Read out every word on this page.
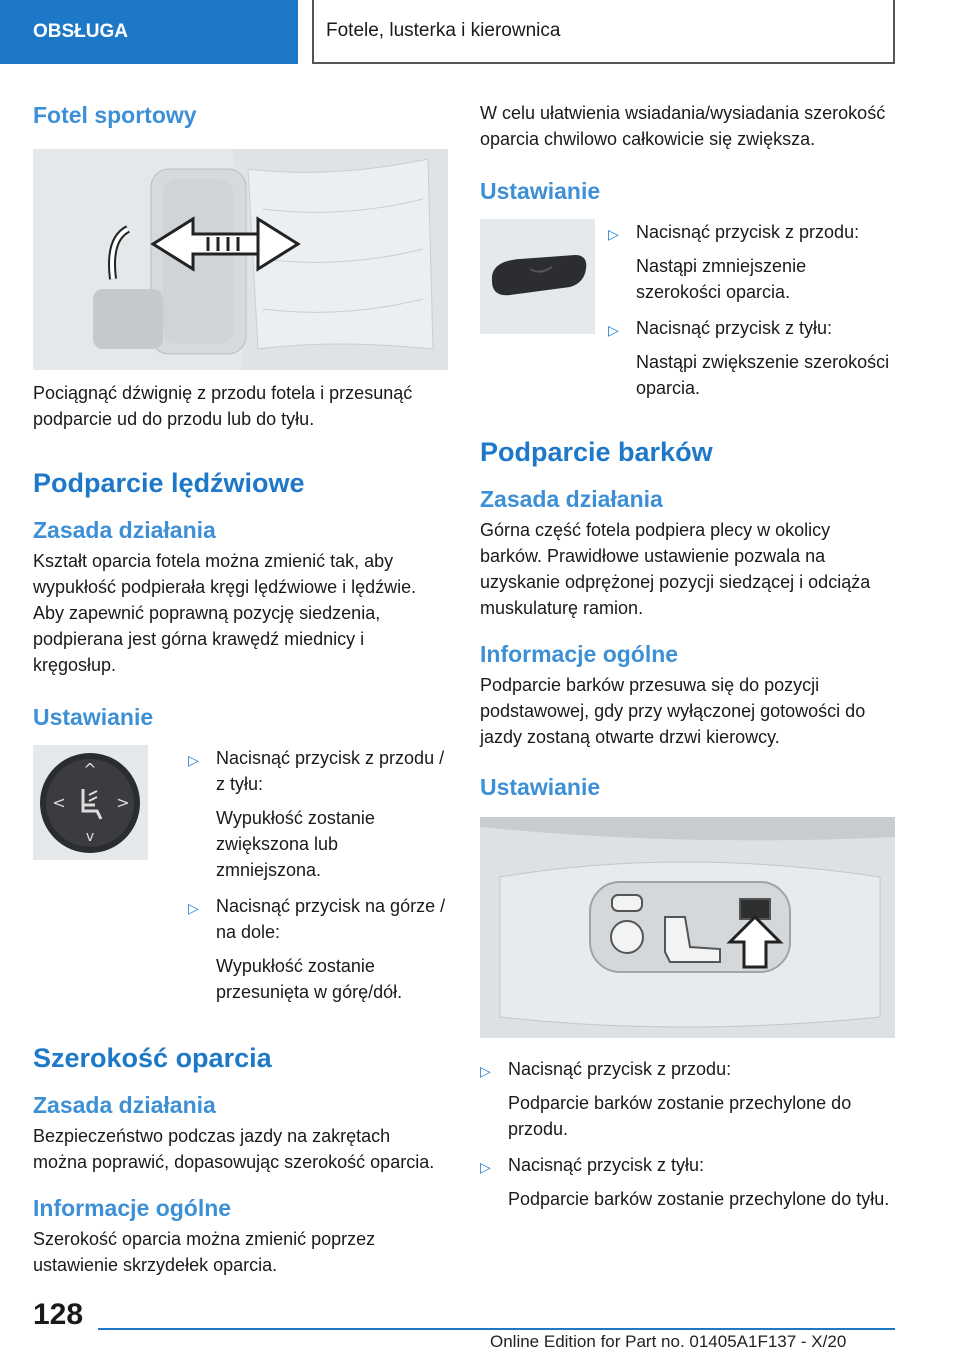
OBSŁUGA	Fotele, lusterka i kierownica
Fotel sportowy

Pociągnąć dźwignię z przodu fotela i przesunąć podparcie ud do przodu lub do tyłu.

Podparcie lędźwiowe
Zasada działania

Kształt oparcia fotela można zmienić tak, aby wypukłość podpierała kręgi lędźwiowe i lędźwie. Aby zapewnić poprawną pozycję siedzenia, podpierana jest górna krawędź miednicy i kręgosłup.

Ustawianie
^
v
<	>
▷ Nacisnąć przycisk z przodu / z tyłu:
Wypukłość zostanie zwiększona lub zmniejszona.
▷ Nacisnąć przycisk na górze / na dole:
Wypukłość zostanie przesunięta w górę/dół.
Szerokość oparcia
Zasada działania

Bezpieczeństwo podczas jazdy na zakrętach można poprawić, dopasowując szerokość oparcia.

Informacje ogólne

Szerokość oparcia można zmienić poprzez ustawienie skrzydełek oparcia.

W celu ułatwienia wsiadania/wysiadania szerokość oparcia chwilowo całkowicie się zwiększa.

Ustawianie
▷ Nacisnąć przycisk z przodu:
Nastąpi zmniejszenie szerokości oparcia.
▷ Nacisnąć przycisk z tyłu:
Nastąpi zwiększenie szerokości oparcia.
Podparcie barków
Zasada działania

Górna część fotela podpiera plecy w okolicy barków. Prawidłowe ustawienie pozwala na uzyskanie odprężonej pozycji siedzącej i odciąża muskulaturę ramion.

Informacje ogólne

Podparcie barków przesuwa się do pozycji podstawowej, gdy przy wyłączonej gotowości do jazdy zostaną otwarte drzwi kierowcy.

Ustawianie
▷ Nacisnąć przycisk z przodu:
Podparcie barków zostanie przechylone do przodu.
▷ Nacisnąć przycisk z tyłu:
Podparcie barków zostanie przechylone do tyłu.
128
Online Edition for Part no. 01405A1F137 - X/20
